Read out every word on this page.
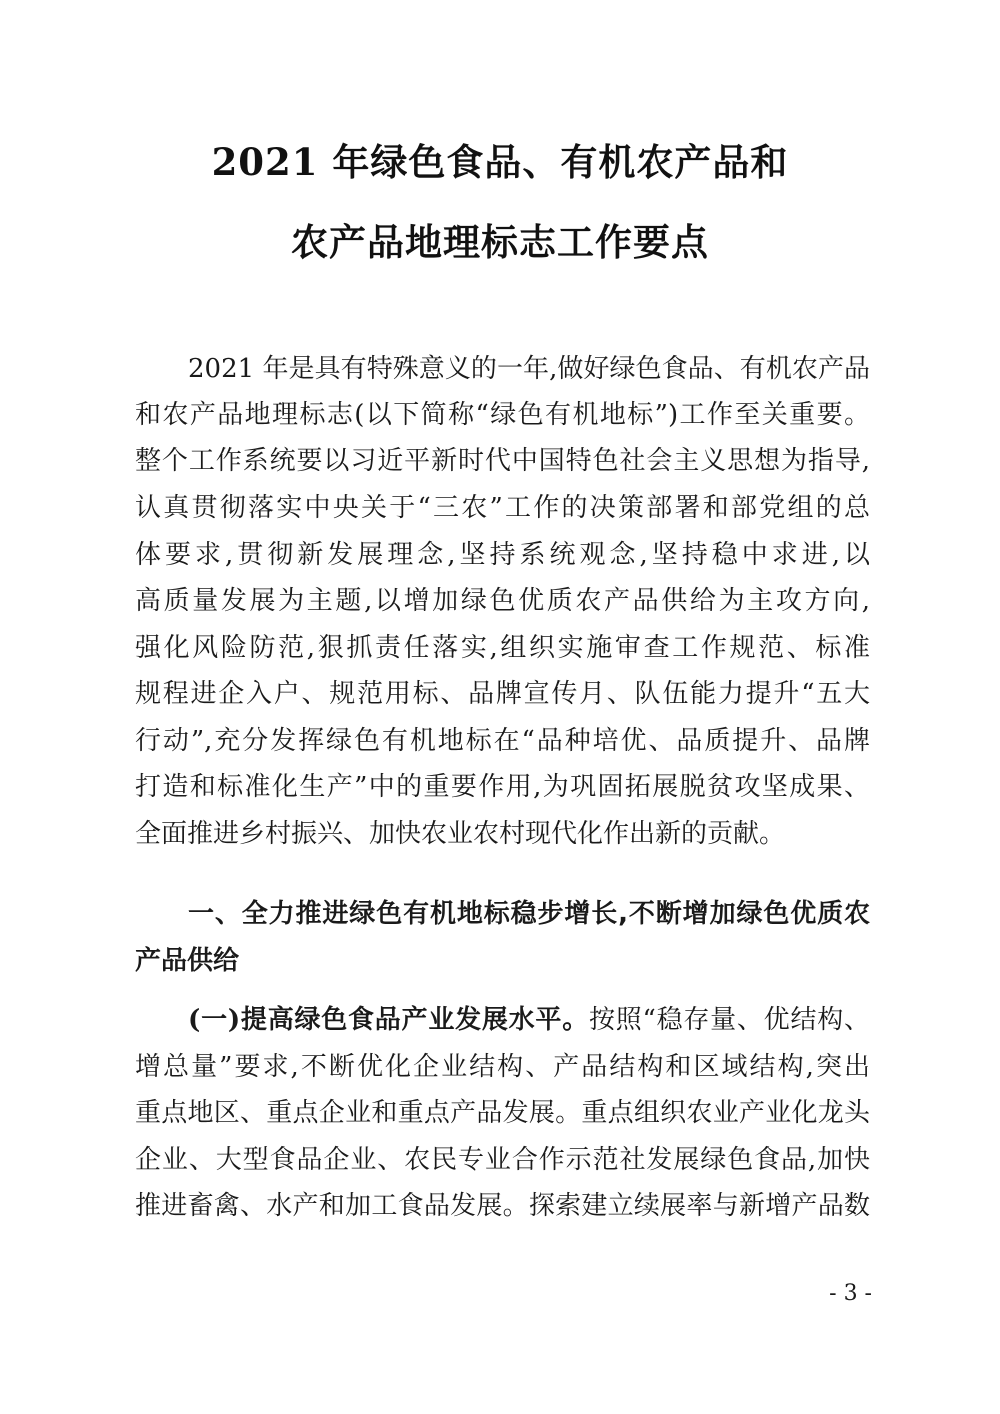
2021 年绿色食品、有机农产品和
农产品地理标志工作要点
2021 年是具有特殊意义的一年,做好绿色食品、有机农产品
和农产品地理标志(以下简称“绿色有机地标”)工作至关重要。
整个工作系统要以习近平新时代中国特色社会主义思想为指导,
认真贯彻落实中央关于“三农”工作的决策部署和部党组的总
体要求,贯彻新发展理念,坚持系统观念,坚持稳中求进,以
高质量发展为主题,以增加绿色优质农产品供给为主攻方向,
强化风险防范,狠抓责任落实,组织实施审查工作规范、标准
规程进企入户、规范用标、品牌宣传月、队伍能力提升“五大
行动”,充分发挥绿色有机地标在“品种培优、品质提升、品牌
打造和标准化生产”中的重要作用,为巩固拓展脱贫攻坚成果、
全面推进乡村振兴、加快农业农村现代化作出新的贡献。
一、全力推进绿色有机地标稳步增长,不断增加绿色优质农
产品供给
(一)提高绿色食品产业发展水平。按照“稳存量、优结构、
增总量”要求,不断优化企业结构、产品结构和区域结构,突出
重点地区、重点企业和重点产品发展。重点组织农业产业化龙头
企业、大型食品企业、农民专业合作示范社发展绿色食品,加快
推进畜禽、水产和加工食品发展。探索建立续展率与新增产品数
- 3 -
